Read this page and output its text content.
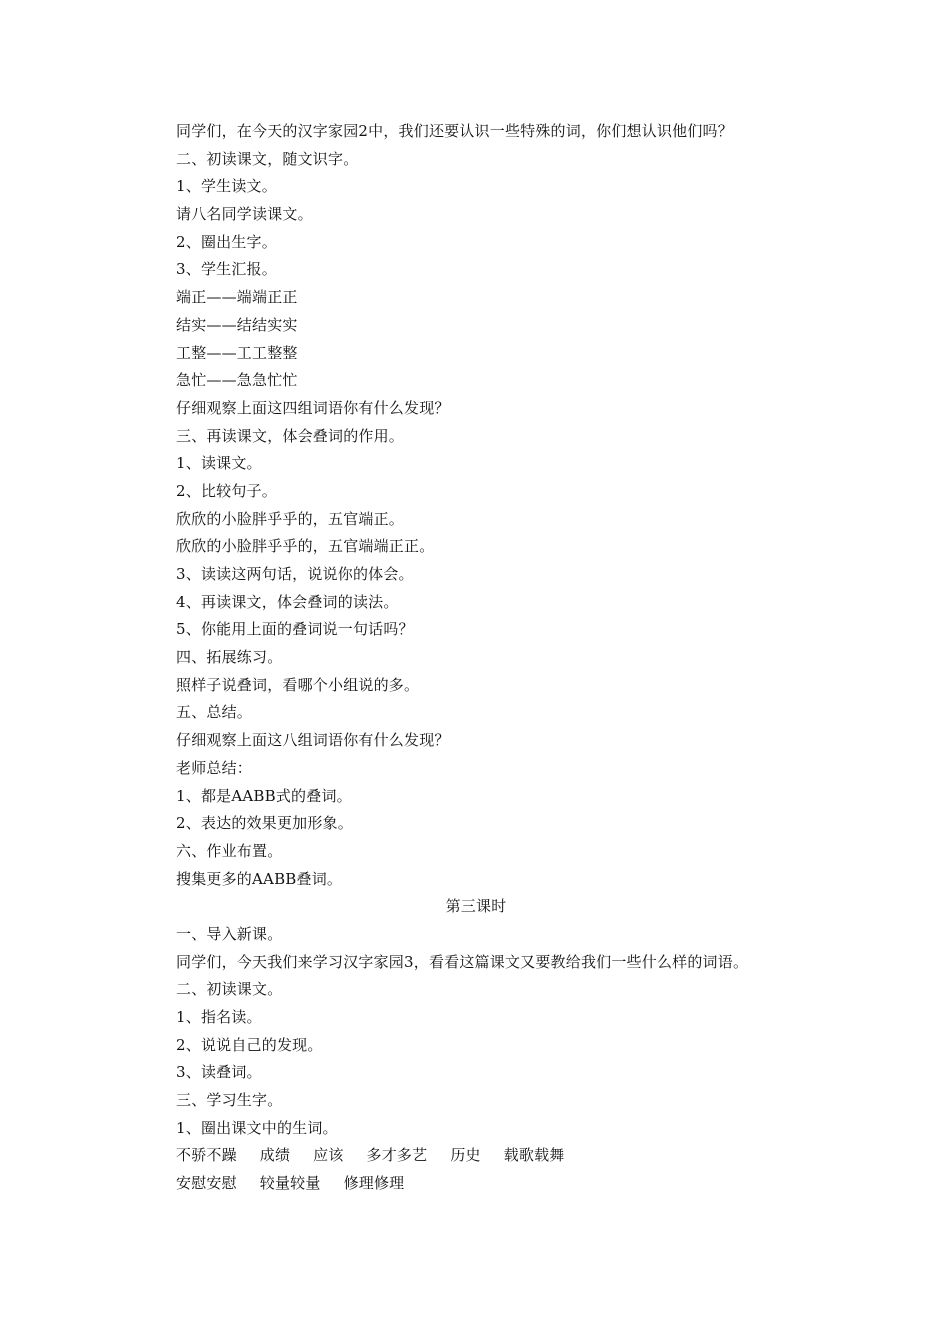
同学们，在今天的汉字家园2中，我们还要认识一些特殊的词，你们想认识他们吗？
二、初读课文，随文识字。
1、学生读文。
请八名同学读课文。
2、圈出生字。
3、学生汇报。
端正——端端正正
结实——结结实实
工整——工工整整
急忙——急急忙忙
仔细观察上面这四组词语你有什么发现？
三、再读课文，体会叠词的作用。
1、读课文。
2、比较句子。
欣欣的小脸胖乎乎的，五官端正。
欣欣的小脸胖乎乎的，五官端端正正。
3、读读这两句话，说说你的体会。
4、再读课文，体会叠词的读法。
5、你能用上面的叠词说一句话吗？
四、拓展练习。
照样子说叠词，看哪个小组说的多。
五、总结。
仔细观察上面这八组词语你有什么发现？
老师总结：
1、都是AABB式的叠词。
2、表达的效果更加形象。
六、作业布置。
搜集更多的AABB叠词。
第三课时
一、导入新课。
同学们，今天我们来学习汉字家园3，看看这篇课文又要教给我们一些什么样的词语。
二、初读课文。
1、指名读。
2、说说自己的发现。
3、读叠词。
三、学习生字。
1、圈出课文中的生词。
不骄不躁 成绩 应该 多才多艺 历史 载歌载舞
安慰安慰 较量较量 修理修理
